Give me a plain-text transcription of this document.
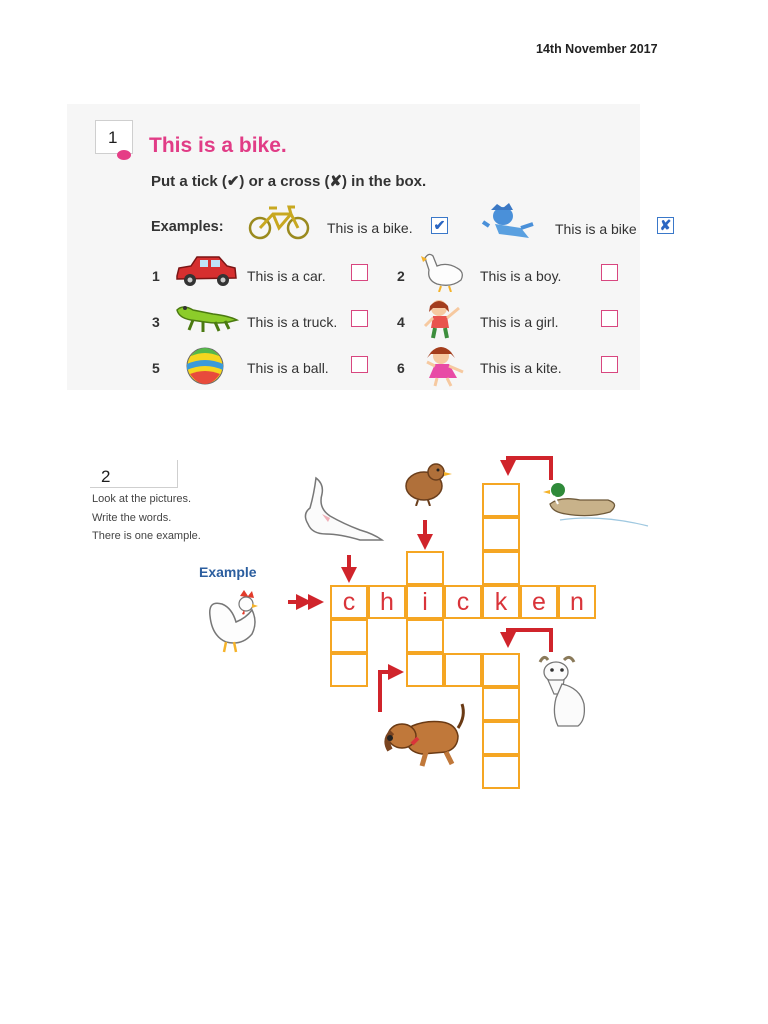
14th November 2017
1	This is a bike.
Put a tick (✔) or a cross (✘) in the box.
Examples:	This is a bike. ✔	This is a bike ✘
1	This is a car.	2	This is a boy.
3	This is a truck.	4	This is a girl.
5	This is a ball.	6	This is a kite.
2
Look at the pictures.
Write the words.
There is one example.
Example
c h	i	c	k e n
